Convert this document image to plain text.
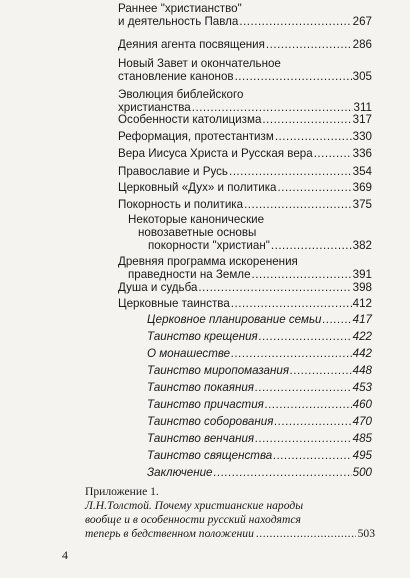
Раннее "христианство"
и деятельность Павла .....	267
Деяния агента посвящения .....	286
Новый Завет и окончательное
становление канонов .....	305
Эволюция библейского
христианства .....	311
Особенности католицизма .....	317
Реформация, протестантизм .....	330
Вера Иисуса Христа и Русская вера .....	336
Православие и Русь .....	354
Церковный «Дух» и политика .....	369
Покорность и политика .....	375
Некоторые канонические
новозаветные основы
покорности "христиан" .....	382
Древняя программа искоренения
праведности на Земле .....	391
Душа и судьба .....	398
Церковные таинства .....	412
Церковное планирование семьи .....	417
Таинство крещения .....	422
О монашестве .....	442
Таинство миропомазания .....	448
Таинство покаяния .....	453
Таинство причастия .....	460
Таинство соборования .....	470
Таинство венчания .....	485
Таинство священства .....	495
Заключение .....	500
Приложение 1.
Л.Н.Толстой. Почему христианские народы
вообще и в особенности русский находятся
теперь в бедственном положении .....	503
4
